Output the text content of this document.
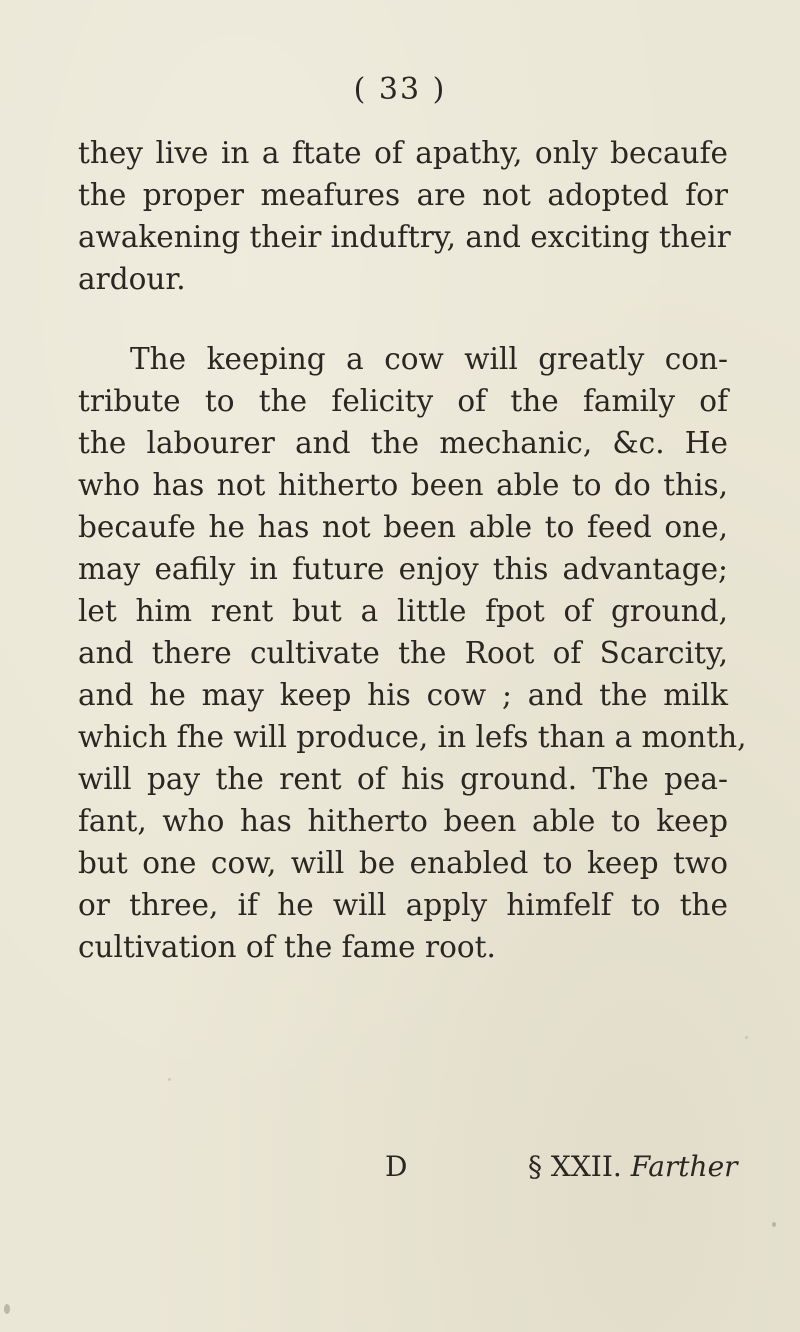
( 33 )
they live in a ftate of apathy, only becaufe
the proper meafures are not adopted for
awakening their induftry, and exciting their
ardour.
The keeping a cow will greatly con-
tribute to the felicity of the family of
the labourer and the mechanic, &c. He
who has not hitherto been able to do this,
becaufe he has not been able to feed one,
may eafily in future enjoy this advantage;
let him rent but a little fpot of ground,
and there cultivate the Root of Scarcity,
and he may keep his cow ; and the milk
which fhe will produce, in lefs than a month,
will pay the rent of his ground. The pea-
fant, who has hitherto been able to keep
but one cow, will be enabled to keep two
or three, if he will apply himfelf to the
cultivation of the fame root.
D	§ XXII. Farther
